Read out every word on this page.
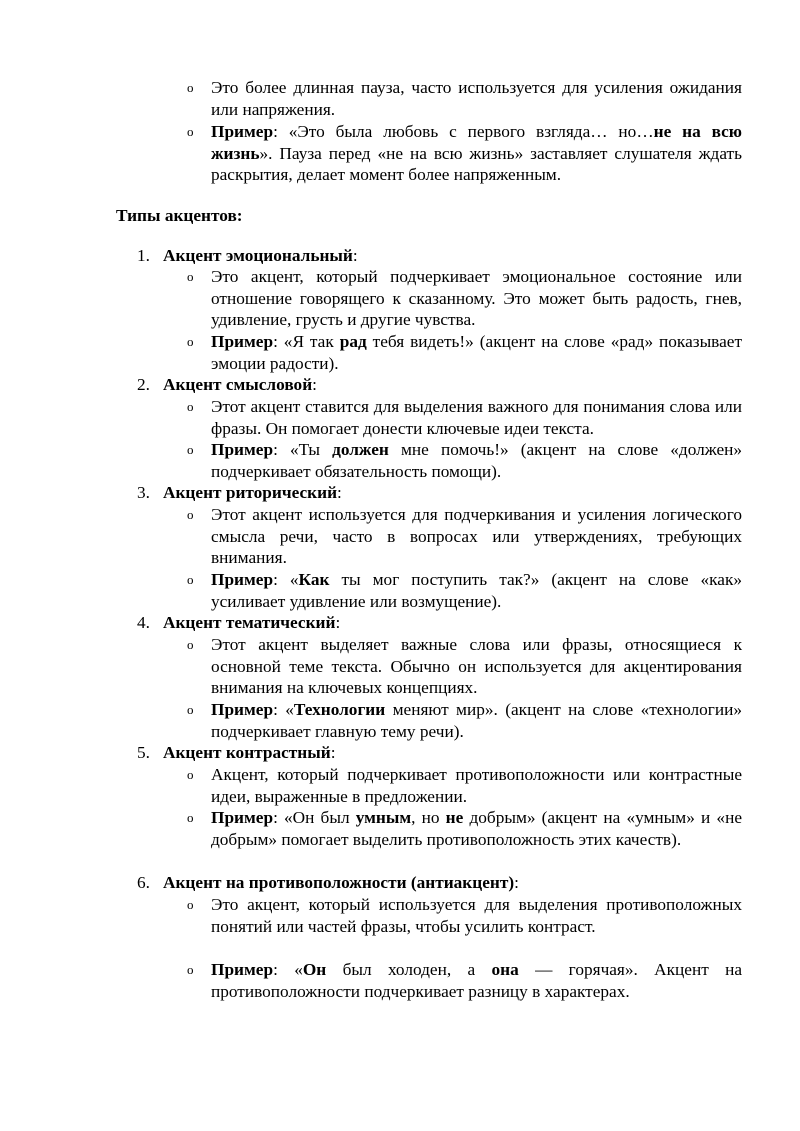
o Это более длинная пауза, часто используется для усиления ожидания или напряжения.
o Пример: «Это была любовь с первого взгляда… но…не на всю жизнь». Пауза перед «не на всю жизнь» заставляет слушателя ждать раскрытия, делает момент более напряженным.
Типы акцентов:
1. Акцент эмоциональный:
o Это акцент, который подчеркивает эмоциональное состояние или отношение говорящего к сказанному. Это может быть радость, гнев, удивление, грусть и другие чувства.
o Пример: «Я так рад тебя видеть!» (акцент на слове «рад» показывает эмоции радости).
2. Акцент смысловой:
o Этот акцент ставится для выделения важного для понимания слова или фразы. Он помогает донести ключевые идеи текста.
o Пример: «Ты должен мне помочь!» (акцент на слове «должен» подчеркивает обязательность помощи).
3. Акцент риторический:
o Этот акцент используется для подчеркивания и усиления логического смысла речи, часто в вопросах или утверждениях, требующих внимания.
o Пример: «Как ты мог поступить так?» (акцент на слове «как» усиливает удивление или возмущение).
4. Акцент тематический:
o Этот акцент выделяет важные слова или фразы, относящиеся к основной теме текста. Обычно он используется для акцентирования внимания на ключевых концепциях.
o Пример: «Технологии меняют мир». (акцент на слове «технологии» подчеркивает главную тему речи).
5. Акцент контрастный:
o Акцент, который подчеркивает противоположности или контрастные идеи, выраженные в предложении.
o Пример: «Он был умным, но не добрым» (акцент на «умным» и «не добрым» помогает выделить противоположность этих качеств).
6. Акцент на противоположности (антиакцент):
o Это акцент, который используется для выделения противоположных понятий или частей фразы, чтобы усилить контраст.
o Пример: «Он был холоден, а она — горячая». Акцент на противоположности подчеркивает разницу в характерах.
